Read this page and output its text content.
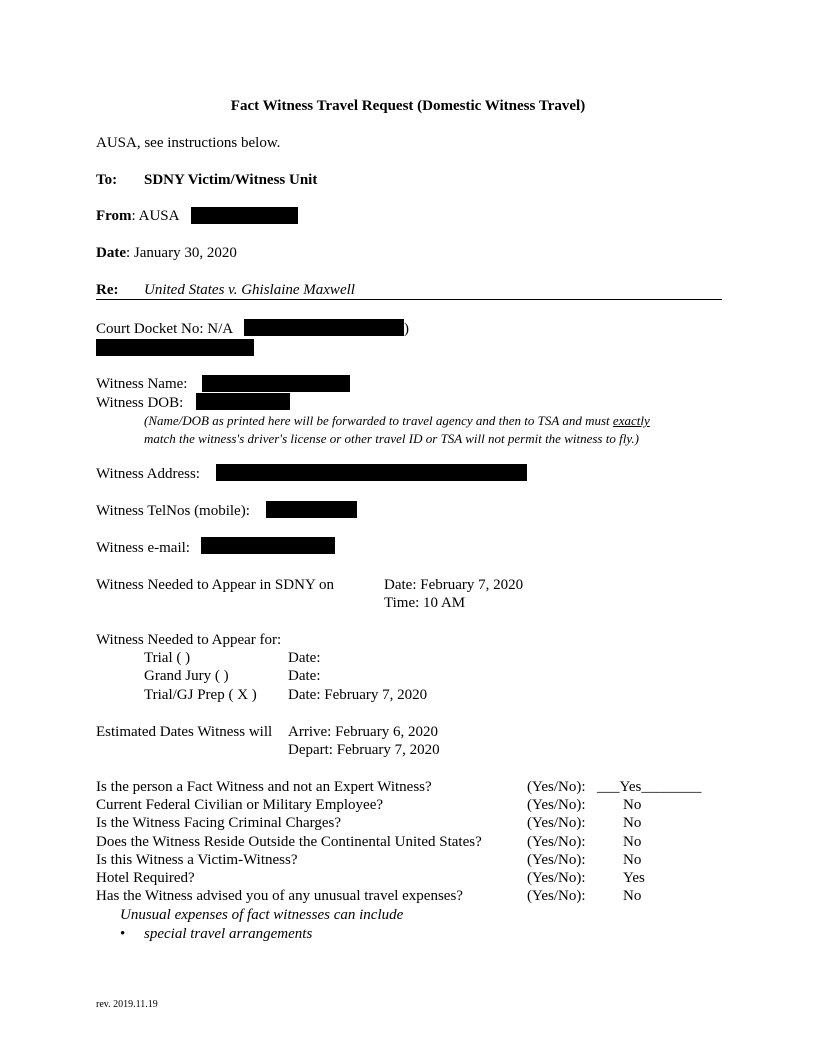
Fact Witness Travel Request (Domestic Witness Travel)
AUSA, see instructions below.
To: SDNY Victim/Witness Unit
From: AUSA
Date: January 30, 2020
Re: United States v. Ghislaine Maxwell
Court Docket No: N/A	)
Witness Name:
Witness DOB:
(Name/DOB as printed here will be forwarded to travel agency and then to TSA and must exactly
match the witness's driver's license or other travel ID or TSA will not permit the witness to fly.)
Witness Address:
Witness TelNos (mobile):
Witness e-mail:
Witness Needed to Appear in SDNY on	Date: February 7, 2020
Time: 10 AM
Witness Needed to Appear for:
Trial ( )	Date:
Grand Jury ( )	Date:
Trial/GJ Prep ( X ) Date: February 7, 2020
Estimated Dates Witness will Arrive: February 6, 2020
Depart: February 7, 2020
Is the person a Fact Witness and not an Expert Witness?	(Yes/No): ___Yes________
Current Federal Civilian or Military Employee?	(Yes/No):	No
Is the Witness Facing Criminal Charges?	(Yes/No):	No
Does the Witness Reside Outside the Continental United States?	(Yes/No):	No
Is this Witness a Victim-Witness?	(Yes/No):	No
Hotel Required?	(Yes/No):	Yes
Has the Witness advised you of any unusual travel expenses?	(Yes/No):	No
Unusual expenses of fact witnesses can include
• special travel arrangements
rev. 2019.11.19
